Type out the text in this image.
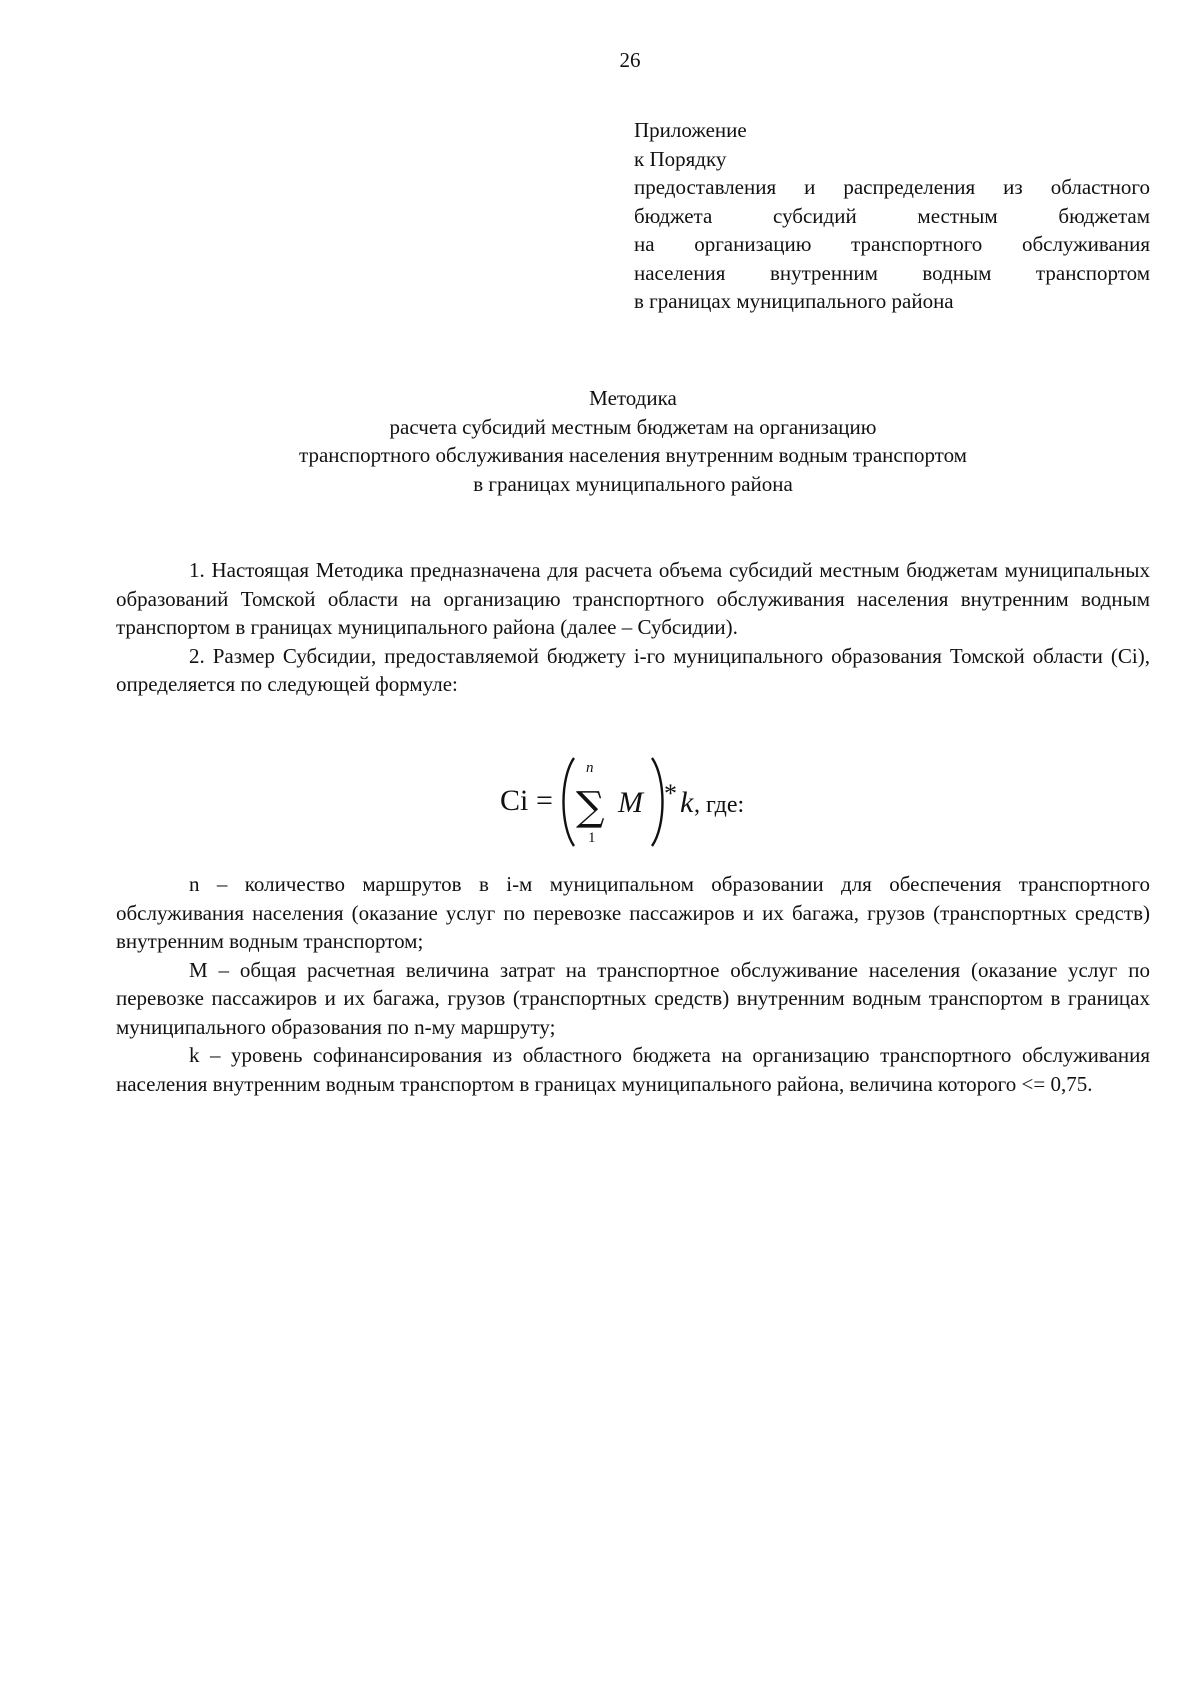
26
Приложение
к Порядку
предоставления и распределения из областного
бюджета субсидий местным бюджетам
на организацию транспортного обслуживания
населения внутренним водным транспортом
в границах муниципального района
Методика
расчета субсидий местным бюджетам на организацию
транспортного обслуживания населения внутренним водным транспортом
в границах муниципального района

1. Настоящая Методика предназначена для расчета объема субсидий местным бюджетам муниципальных образований Томской области на организацию транспортного обслуживания населения внутренним водным транспортом в границах муниципального района (далее – Субсидии).

2. Размер Субсидии, предоставляемой бюджету i-го муниципального образования Томской области (Ci), определяется по следующей формуле:

Ci =
n
∑
1
M * k , где:

n – количество маршрутов в i-м муниципальном образовании для обеспечения транспортного обслуживания населения (оказание услуг по перевозке пассажиров и их багажа, грузов (транспортных средств) внутренним водным транспортом;

M – общая расчетная величина затрат на транспортное обслуживание населения (оказание услуг по перевозке пассажиров и их багажа, грузов (транспортных средств) внутренним водным транспортом в границах муниципального образования по n-му маршруту;

k – уровень софинансирования из областного бюджета на организацию транспортного обслуживания населения внутренним водным транспортом в границах муниципального района, величина которого <= 0,75.
